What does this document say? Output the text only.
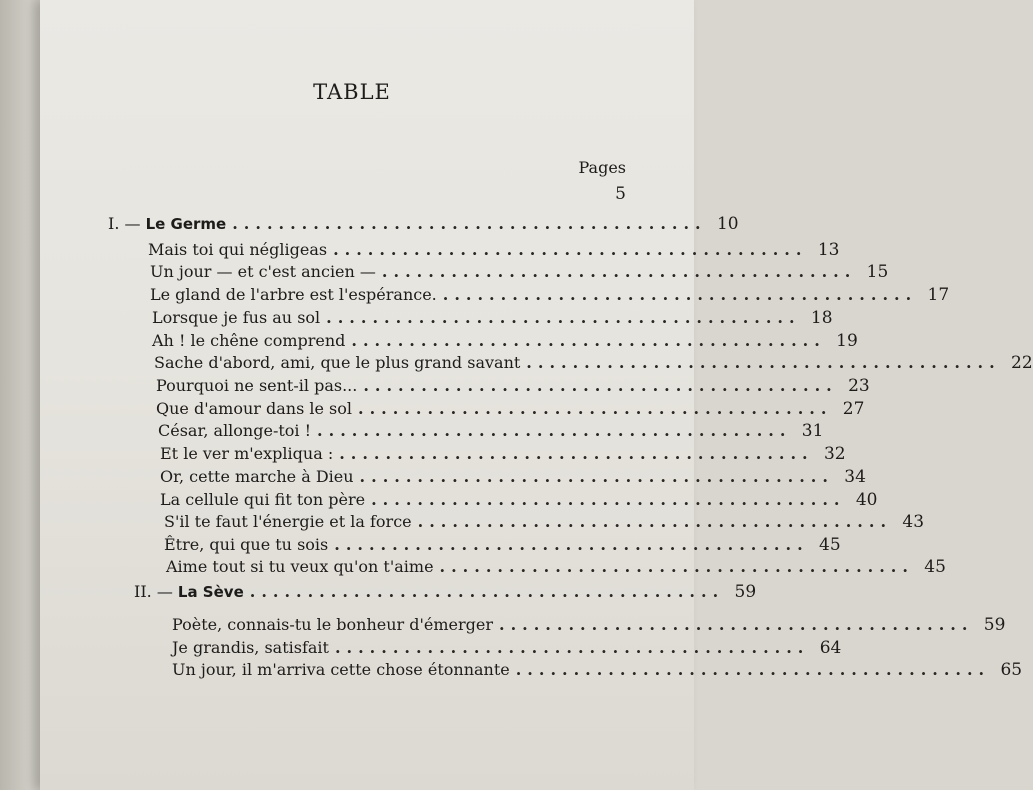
TABLE
Pages
5
I. — Le Germe ......................................... 10
Mais toi qui négligeas ......................................... 13
Un jour — et c'est ancien — ......................................... 15
Le gland de l'arbre est l'espérance. ......................................... 17
Lorsque je fus au sol ......................................... 18
Ah ! le chêne comprend ......................................... 19
Sache d'abord, ami, que le plus grand savant ......................................... 22
Pourquoi ne sent-il pas... ......................................... 23
Que d'amour dans le sol ......................................... 27
César, allonge-toi ! ......................................... 31
Et le ver m'expliqua : ......................................... 32
Or, cette marche à Dieu ......................................... 34
La cellule qui fit ton père ......................................... 40
S'il te faut l'énergie et la force ......................................... 43
Être, qui que tu sois ......................................... 45
Aime tout si tu veux qu'on t'aime ......................................... 45
II. — La Sève ......................................... 59
Poète, connais-tu le bonheur d'émerger ......................................... 59
Je grandis, satisfait ......................................... 64
Un jour, il m'arriva cette chose étonnante ......................................... 65
